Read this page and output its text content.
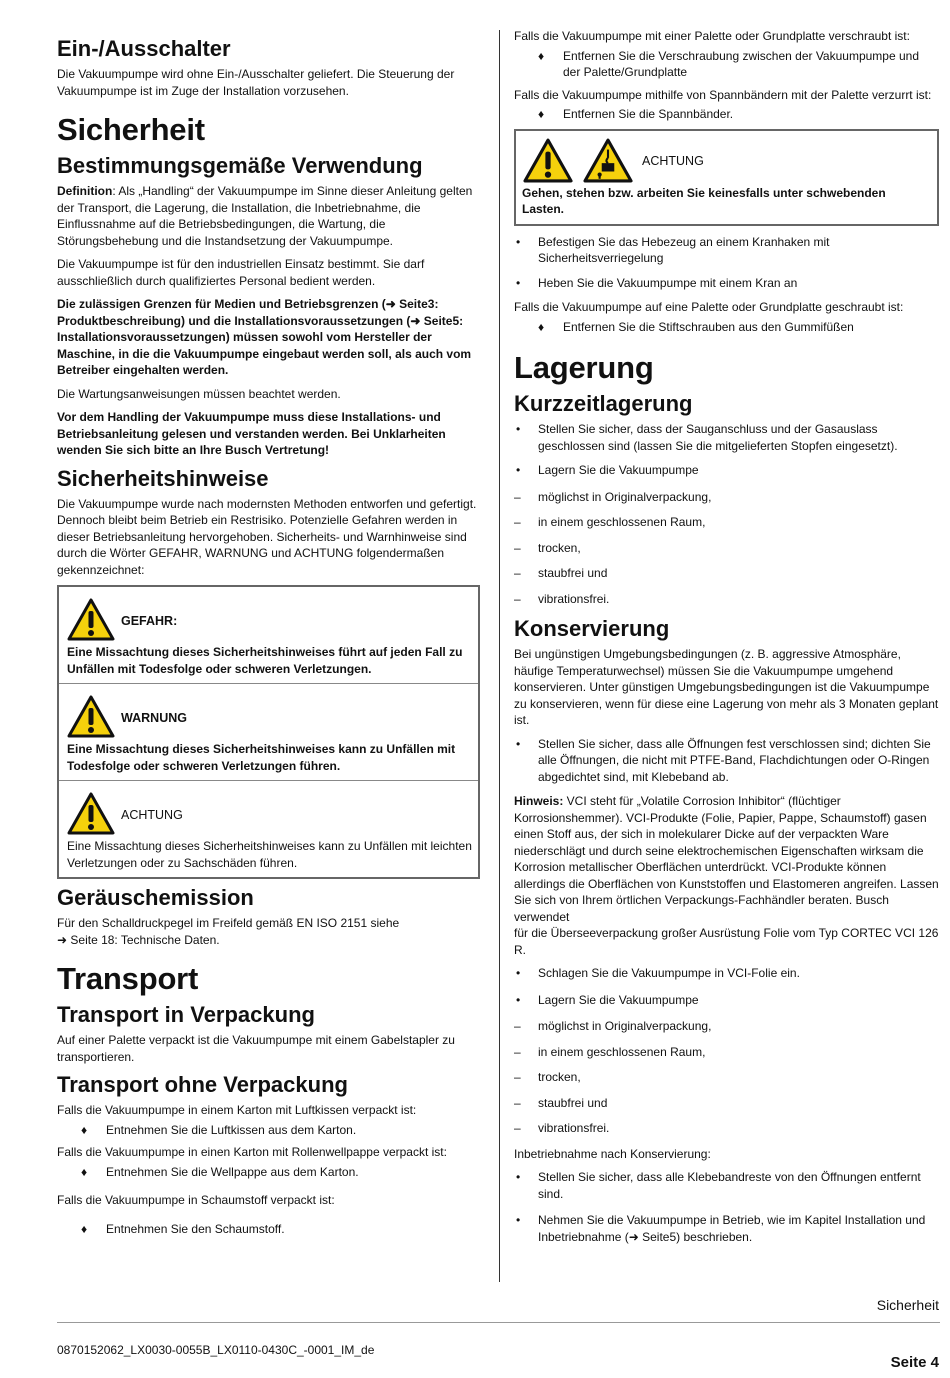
Ein-/Ausschalter

Die Vakuumpumpe wird ohne Ein-/Ausschalter geliefert. Die Steuerung der Vakuumpumpe ist im Zuge der Installation vorzusehen.

Sicherheit
Bestimmungsgemäße Verwendung

Definition: Als „Handling“ der Vakuumpumpe im Sinne dieser Anleitung gelten der Transport, die Lagerung, die Installation, die Inbetriebnahme, die Einflussnahme auf die Betriebsbedingungen, die Wartung, die Störungsbehebung und die Instandsetzung der Vakuumpumpe.

Die Vakuumpumpe ist für den industriellen Einsatz bestimmt. Sie darf ausschließlich durch qualifiziertes Personal bedient werden.

Die zulässigen Grenzen für Medien und Betriebsgrenzen (➜ Seite3: Produktbeschreibung) und die Installationsvoraussetzungen (➜ Seite5: Installationsvoraussetzungen) müssen sowohl vom Hersteller der Maschine, in die die Vakuumpumpe eingebaut werden soll, als auch vom Betreiber eingehalten werden.

Die Wartungsanweisungen müssen beachtet werden.

Vor dem Handling der Vakuumpumpe muss diese Installations- und Betriebsanleitung gelesen und verstanden werden. Bei Unklarheiten wenden Sie sich bitte an Ihre Busch Vertretung!

Sicherheitshinweise

Die Vakuumpumpe wurde nach modernsten Methoden entworfen und gefertigt. Dennoch bleibt beim Betrieb ein Restrisiko. Potenzielle Gefahren werden in dieser Betriebsanleitung hervorgehoben. Sicherheits- und Warnhinweise sind durch die Wörter GEFAHR, WARNUNG und ACHTUNG folgendermaßen gekennzeichnet:

GEFAHR:
Eine Missachtung dieses Sicherheitshinweises führt auf jeden Fall zu Unfällen mit Todesfolge oder schweren Verletzungen.
WARNUNG
Eine Missachtung dieses Sicherheitshinweises kann zu Unfällen mit Todesfolge oder schweren Verletzungen führen.
ACHTUNG
Eine Missachtung dieses Sicherheitshinweises kann zu Unfällen mit leichten Verletzungen oder zu Sachschäden führen.
Geräuschemission

Für den Schalldruckpegel im Freifeld gemäß EN ISO 2151 siehe
➜ Seite 18: Technische Daten.

Transport
Transport in Verpackung

Auf einer Palette verpackt ist die Vakuumpumpe mit einem Gabelstapler zu transportieren.

Transport ohne Verpackung

Falls die Vakuumpumpe in einem Karton mit Luftkissen verpackt ist:

♦ Entnehmen Sie die Luftkissen aus dem Karton.

Falls die Vakuumpumpe in einen Karton mit Rollenwellpappe verpackt ist:

♦ Entnehmen Sie die Wellpappe aus dem Karton.

Falls die Vakuumpumpe in Schaumstoff verpackt ist:

♦ Entnehmen Sie den Schaumstoff.

Falls die Vakuumpumpe mit einer Palette oder Grundplatte verschraubt ist:

♦ Entfernen Sie die Verschraubung zwischen der Vakuumpumpe und der Palette/Grundplatte

Falls die Vakuumpumpe mithilfe von Spannbändern mit der Palette verzurrt ist:

♦ Entfernen Sie die Spannbänder.
ACHTUNG
Gehen, stehen bzw. arbeiten Sie keinesfalls unter schwebenden Lasten.
• Befestigen Sie das Hebezeug an einem Kranhaken mit Sicherheitsverriegelung
• Heben Sie die Vakuumpumpe mit einem Kran an

Falls die Vakuumpumpe auf eine Palette oder Grundplatte geschraubt ist:

♦ Entfernen Sie die Stiftschrauben aus den Gummifüßen
Lagerung
Kurzzeitlagerung
• Stellen Sie sicher, dass der Sauganschluss und der Gasauslass geschlossen sind (lassen Sie die mitgelieferten Stopfen eingesetzt).
• Lagern Sie die Vakuumpumpe
– möglichst in Originalverpackung,
– in einem geschlossenen Raum,
– trocken,
– staubfrei und
– vibrationsfrei.
Konservierung

Bei ungünstigen Umgebungsbedingungen (z. B. aggressive Atmosphäre, häufige Temperaturwechsel) müssen Sie die Vakuumpumpe umgehend konservieren. Unter günstigen Umgebungsbedingungen ist die Vakuumpumpe zu konservieren, wenn für diese eine Lagerung von mehr als 3 Monaten geplant ist.

• Stellen Sie sicher, dass alle Öffnungen fest verschlossen sind; dichten Sie alle Öffnungen, die nicht mit PTFE-Band, Flachdichtungen oder O-Ringen abgedichtet sind, mit Klebeband ab.

Hinweis: VCI steht für „Volatile Corrosion Inhibitor“ (flüchtiger Korrosionshemmer). VCI-Produkte (Folie, Papier, Pappe, Schaumstoff) gasen einen Stoff aus, der sich in molekularer Dicke auf der verpackten Ware niederschlägt und durch seine elektrochemischen Eigenschaften wirksam die Korrosion metallischer Oberflächen unterdrückt. VCI-Produkte können allerdings die Oberflächen von Kunststoffen und Elastomeren angreifen. Lassen Sie sich von Ihrem örtlichen Verpackungs-Fachhändler beraten. Busch verwendet

für die Überseeverpackung großer Ausrüstung Folie vom Typ CORTEC VCI 126 R.

• Schlagen Sie die Vakuumpumpe in VCI-Folie ein.
• Lagern Sie die Vakuumpumpe
– möglichst in Originalverpackung,
– in einem geschlossenen Raum,
– trocken,
– staubfrei und
– vibrationsfrei.

Inbetriebnahme nach Konservierung:

• Stellen Sie sicher, dass alle Klebebandreste von den Öffnungen entfernt sind.
• Nehmen Sie die Vakuumpumpe in Betrieb, wie im Kapitel Installation und Inbetriebnahme (➜ Seite5) beschrieben.
Sicherheit
0870152062_LX0030-0055B_LX0110-0430C_-0001_IM_de
Seite 4
